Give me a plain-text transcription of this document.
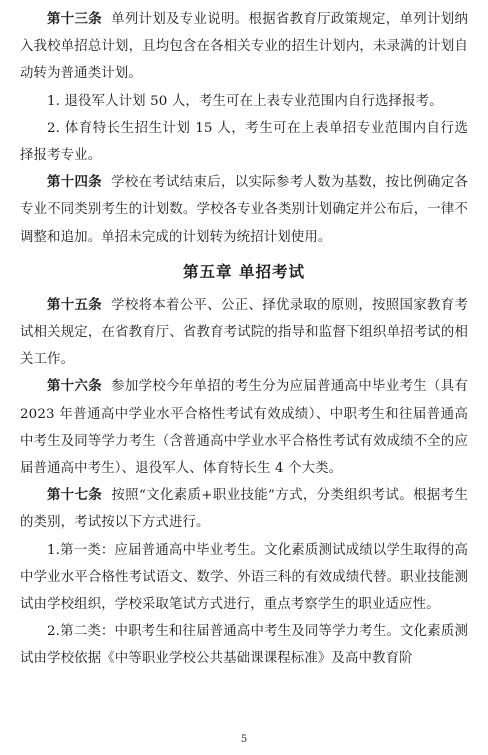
第十三条 单列计划及专业说明。根据省教育厅政策规定，单列计划纳入我校单招总计划，且均包含在各相关专业的招生计划内，未录满的计划自动转为普通类计划。

1. 退役军人计划 50 人，考生可在上表专业范围内自行选择报考。

2. 体育特长生招生计划 15 人，考生可在上表单招专业范围内自行选择报考专业。

第十四条 学校在考试结束后，以实际参考人数为基数，按比例确定各专业不同类别考生的计划数。学校各专业各类别计划确定并公布后，一律不调整和追加。单招未完成的计划转为统招计划使用。

第五章 单招考试

第十五条 学校将本着公平、公正、择优录取的原则，按照国家教育考试相关规定，在省教育厅、省教育考试院的指导和监督下组织单招考试的相关工作。

第十六条 参加学校今年单招的考生分为应届普通高中毕业考生（具有 2023 年普通高中学业水平合格性考试有效成绩）、中职考生和往届普通高中考生及同等学力考生（含普通高中学业水平合格性考试有效成绩不全的应届普通高中考生）、退役军人、体育特长生 4 个大类。

第十七条 按照“文化素质+职业技能”方式，分类组织考试。根据考生的类别，考试按以下方式进行。

1.第一类：应届普通高中毕业考生。文化素质测试成绩以学生取得的高中学业水平合格性考试语文、数学、外语三科的有效成绩代替。职业技能测试由学校组织，学校采取笔试方式进行，重点考察学生的职业适应性。

2.第二类：中职考生和往届普通高中考生及同等学力考生。文化素质测试由学校依据《中等职业学校公共基础课课程标准》及高中教育阶

5
